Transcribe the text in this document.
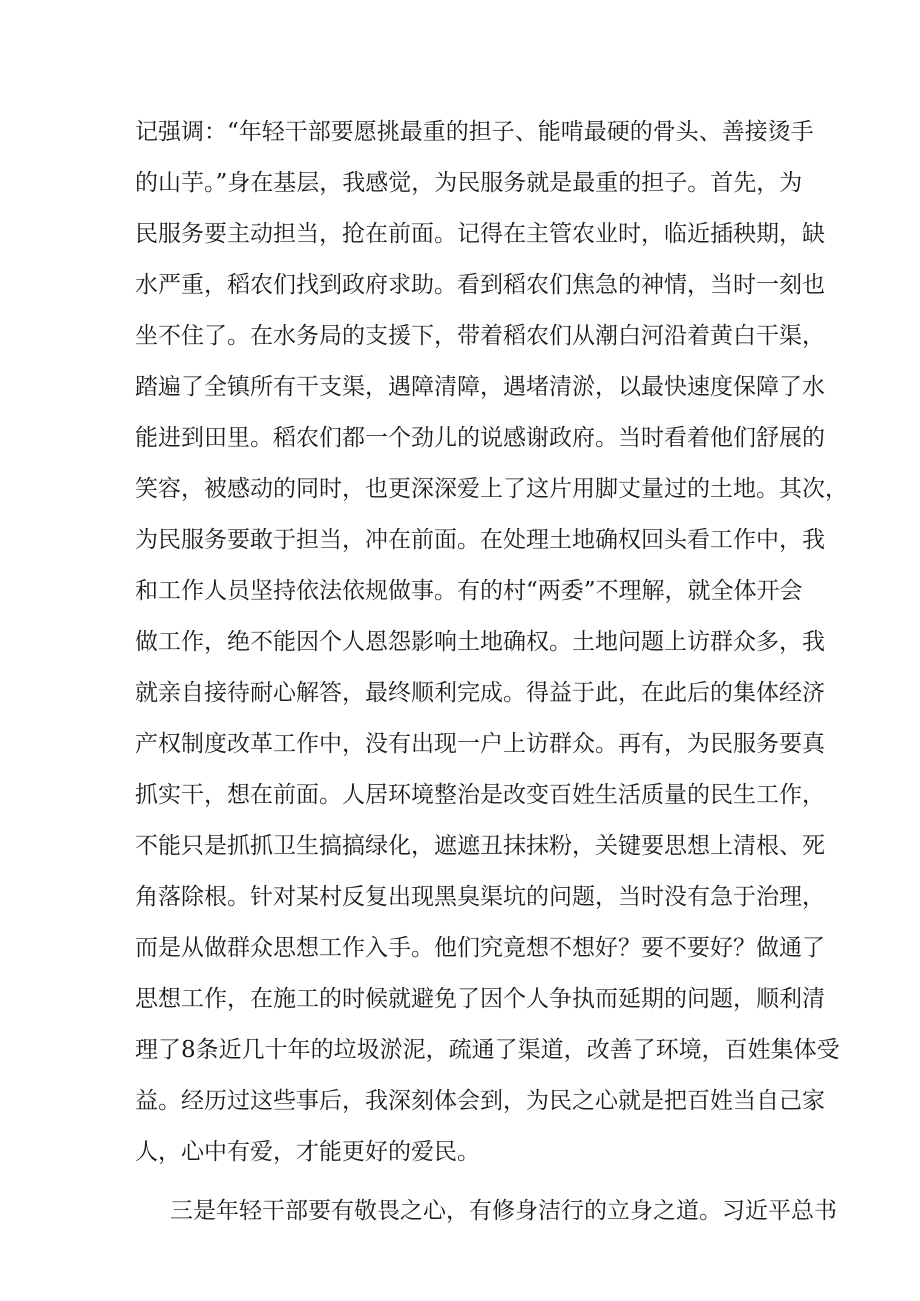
记强调：“年轻干部要愿挑最重的担子、能啃最硬的骨头、善接烫手
的山芋。”身在基层，我感觉，为民服务就是最重的担子。首先，为
民服务要主动担当，抢在前面。记得在主管农业时，临近插秧期，缺
水严重，稻农们找到政府求助。看到稻农们焦急的神情，当时一刻也
坐不住了。在水务局的支援下，带着稻农们从潮白河沿着黄白干渠，
踏遍了全镇所有干支渠，遇障清障，遇堵清淤，以最快速度保障了水
能进到田里。稻农们都一个劲儿的说感谢政府。当时看着他们舒展的
笑容，被感动的同时，也更深深爱上了这片用脚丈量过的土地。其次，
为民服务要敢于担当，冲在前面。在处理土地确权回头看工作中，我
和工作人员坚持依法依规做事。有的村“两委”不理解，就全体开会
做工作，绝不能因个人恩怨影响土地确权。土地问题上访群众多，我
就亲自接待耐心解答，最终顺利完成。得益于此，在此后的集体经济
产权制度改革工作中，没有出现一户上访群众。再有，为民服务要真
抓实干，想在前面。人居环境整治是改变百姓生活质量的民生工作，
不能只是抓抓卫生搞搞绿化，遮遮丑抹抹粉，关键要思想上清根、死
角落除根。针对某村反复出现黑臭渠坑的问题，当时没有急于治理，
而是从做群众思想工作入手。他们究竟想不想好？要不要好？做通了
思想工作，在施工的时候就避免了因个人争执而延期的问题，顺利清
理了8条近几十年的垃圾淤泥，疏通了渠道，改善了环境，百姓集体受
益。经历过这些事后，我深刻体会到，为民之心就是把百姓当自己家
人，心中有爱，才能更好的爱民。
三是年轻干部要有敬畏之心，有修身洁行的立身之道。习近平总书
